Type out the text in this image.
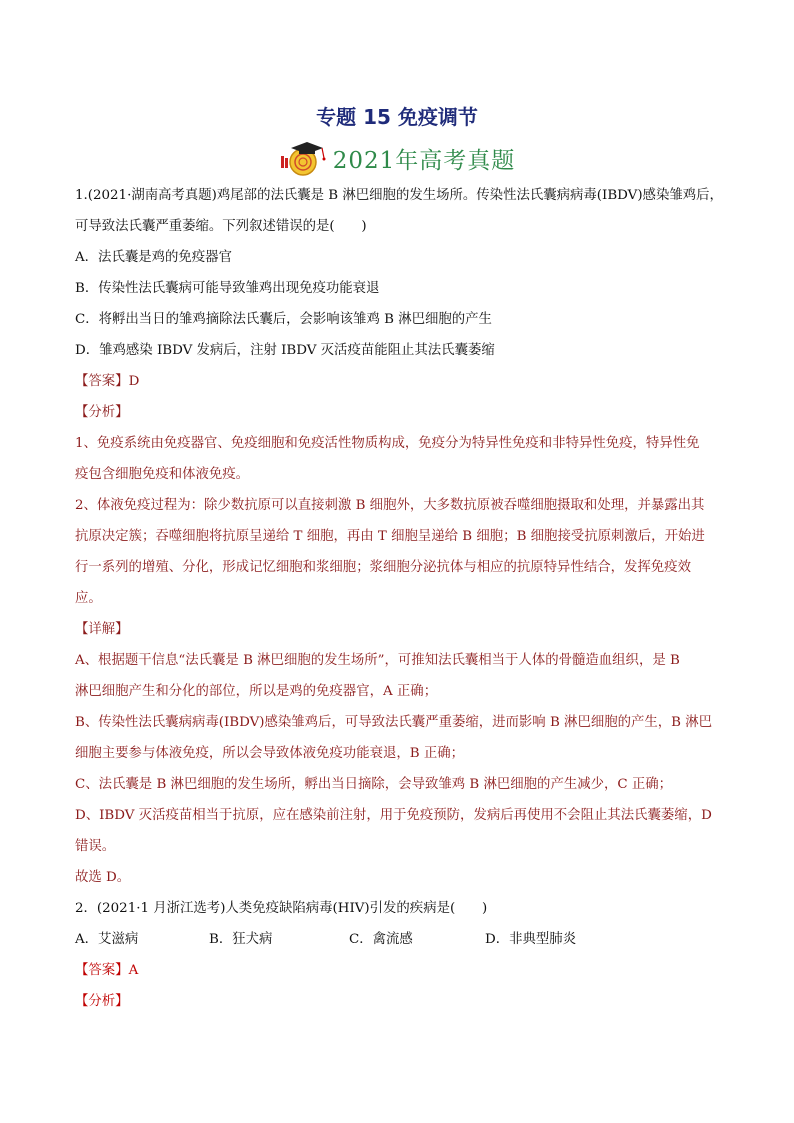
专题 15 免疫调节
2021年高考真题
1.(2021·湖南高考真题)鸡尾部的法氏囊是 B 淋巴细胞的发生场所。传染性法氏囊病病毒(IBDV)感染雏鸡后，
可导致法氏囊严重萎缩。下列叙述错误的是(　　)
A．法氏囊是鸡的免疫器官
B．传染性法氏囊病可能导致雏鸡出现免疫功能衰退
C．将孵出当日的雏鸡摘除法氏囊后，会影响该雏鸡 B 淋巴细胞的产生
D．雏鸡感染 IBDV 发病后，注射 IBDV 灭活疫苗能阻止其法氏囊萎缩
【答案】D
【分析】
1、免疫系统由免疫器官、免疫细胞和免疫活性物质构成，免疫分为特异性免疫和非特异性免疫，特异性免
疫包含细胞免疫和体液免疫。
2、体液免疫过程为：除少数抗原可以直接刺激 B 细胞外，大多数抗原被吞噬细胞摄取和处理，并暴露出其
抗原决定簇；吞噬细胞将抗原呈递给 T 细胞，再由 T 细胞呈递给 B 细胞；B 细胞接受抗原刺激后，开始进
行一系列的增殖、分化，形成记忆细胞和浆细胞；浆细胞分泌抗体与相应的抗原特异性结合，发挥免疫效
应。
【详解】
A、根据题干信息“法氏囊是 B 淋巴细胞的发生场所”，可推知法氏囊相当于人体的骨髓造血组织，是 B
淋巴细胞产生和分化的部位，所以是鸡的免疫器官，A 正确；
B、传染性法氏囊病病毒(IBDV)感染雏鸡后，可导致法氏囊严重萎缩，进而影响 B 淋巴细胞的产生，B 淋巴
细胞主要参与体液免疫，所以会导致体液免疫功能衰退，B 正确；
C、法氏囊是 B 淋巴细胞的发生场所，孵出当日摘除，会导致雏鸡 B 淋巴细胞的产生减少，C 正确；
D、IBDV 灭活疫苗相当于抗原，应在感染前注射，用于免疫预防，发病后再使用不会阻止其法氏囊萎缩，D
错误。
故选 D。
2．(2021·1 月浙江选考)人类免疫缺陷病毒(HIV)引发的疾病是(　　)
A．艾滋病	B．狂犬病	C．禽流感	D．非典型肺炎
【答案】A
【分析】
